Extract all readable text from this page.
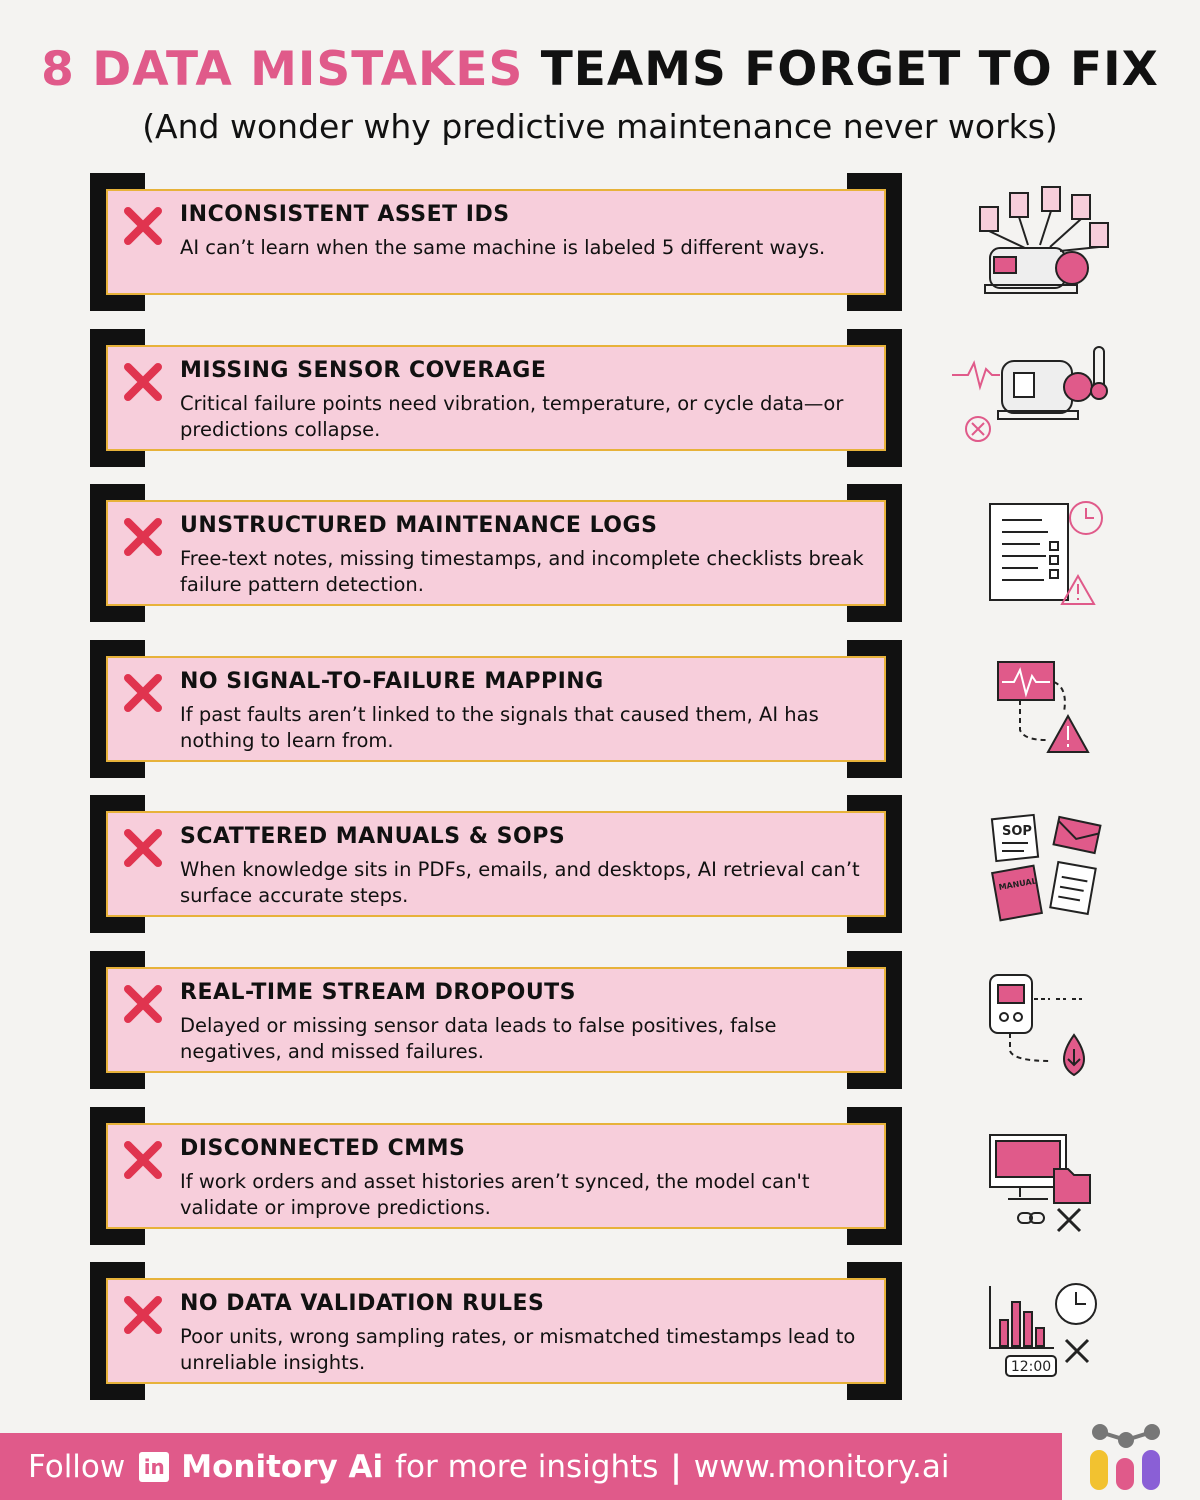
8 DATA MISTAKES TEAMS FORGET TO FIX
(And wonder why predictive maintenance never works)
INCONSISTENT ASSET IDS
AI can’t learn when the same machine is labeled 5 different ways.
MISSING SENSOR COVERAGE
Critical failure points need vibration, temperature, or cycle data—or predictions collapse.
UNSTRUCTURED MAINTENANCE LOGS
Free-text notes, missing timestamps, and incomplete checklists break failure pattern detection.
NO SIGNAL-TO-FAILURE MAPPING
If past faults aren’t linked to the signals that caused them, AI has nothing to learn from.
SCATTERED MANUALS & SOPS
When knowledge sits in PDFs, emails, and desktops, AI retrieval can’t surface accurate steps.
SOP
MANUAL
REAL-TIME STREAM DROPOUTS
Delayed or missing sensor data leads to false positives, false negatives, and missed failures.
DISCONNECTED CMMS
If work orders and asset histories aren’t synced, the model can't validate or improve predictions.
NO DATA VALIDATION RULES
Poor units, wrong sampling rates, or mismatched timestamps lead to unreliable insights.	12:00
Follow in Monitory Ai for more insights | www.monitory.ai
